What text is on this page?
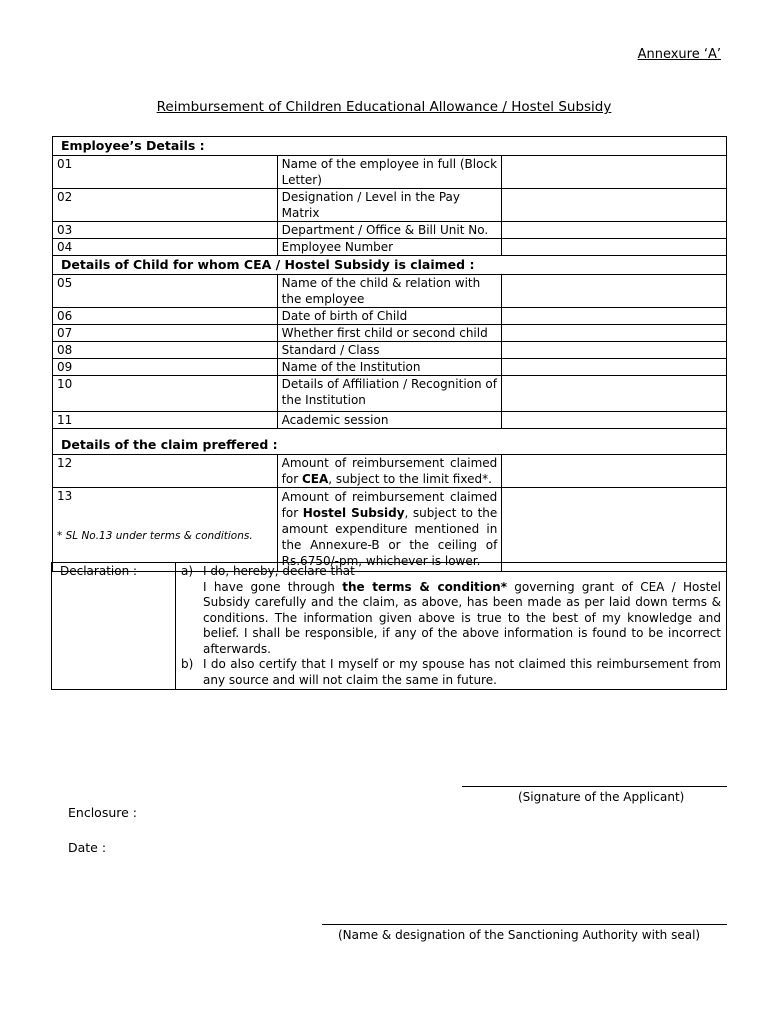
Annexure ‘A’
Reimbursement of Children Educational Allowance / Hostel Subsidy
Employee’s Details :		
01	Name of the employee in full (Block Letter)	
02	Designation / Level in the Pay Matrix	
03	Department / Office & Bill Unit No.	
04	Employee Number	
Details of Child for whom CEA / Hostel Subsidy is claimed :		
05	Name of the child & relation with the employee	
06	Date of birth of Child	
07	Whether first child or second child	
08	Standard / Class	
09	Name of the Institution	
10	Details of Affiliation / Recognition of the Institution	
11	Academic session	
Details of the claim preffered :		
12	Amount of reimbursement claimed for CEA, subject to the limit fixed*.	
13	Amount of reimbursement claimed for Hostel Subsidy, subject to the amount expenditure mentioned in the Annexure-B or the ceiling of Rs.6750/-pm, whichever is lower.	
* SL No.13 under terms & conditions.
Declaration :	a) I do, hereby, declare that
I have gone through the terms & condition* governing grant of CEA / Hostel Subsidy carefully and the claim, as above, has been made as per laid down terms & conditions. The information given above is true to the best of my knowledge and belief. I shall be responsible, if any of the above information is found to be incorrect afterwards.
b) I do also certify that I myself or my spouse has not claimed this reimbursement from any source and will not claim the same in future.
(Signature of the Applicant)
Enclosure :
Date :
(Name & designation of the Sanctioning Authority with seal)
